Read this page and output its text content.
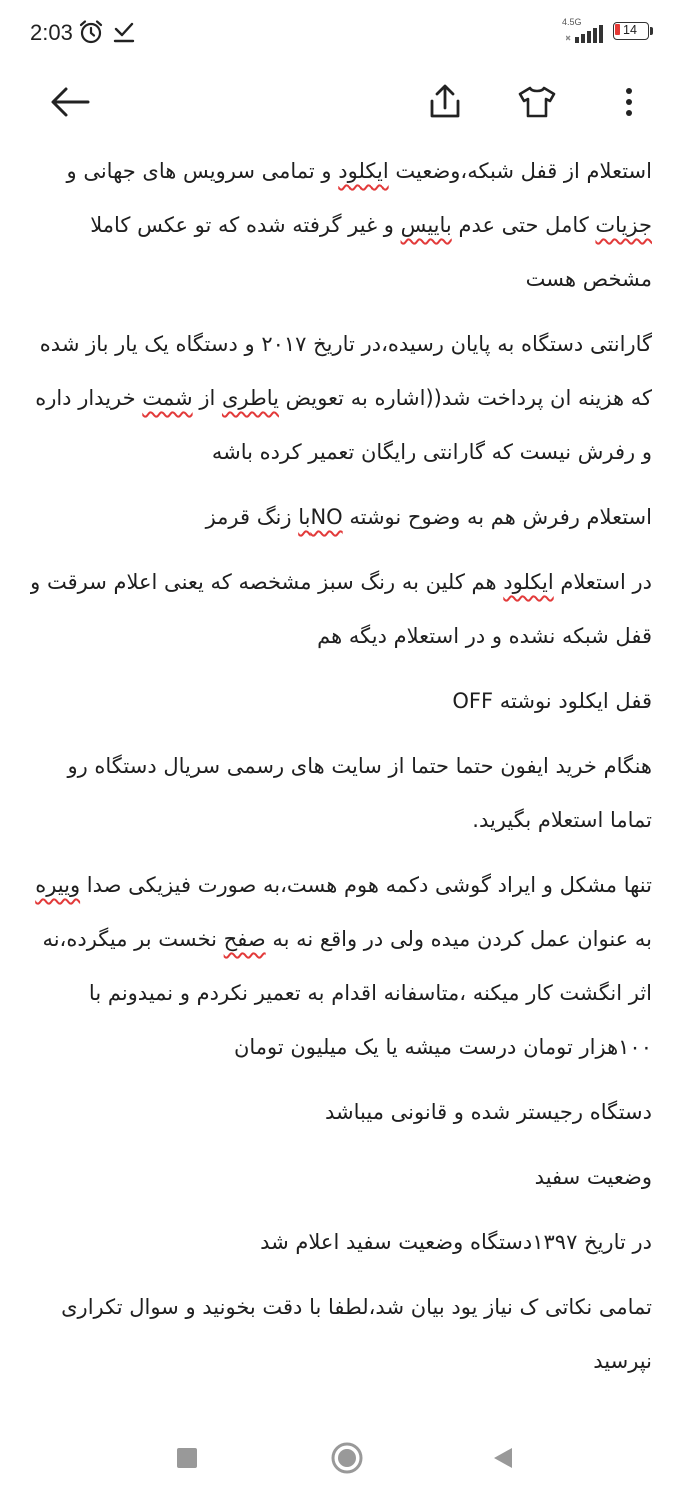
2:03	4.5G
14

استعلام از قفل شبکه،وضعیت ایکلود و تمامی سرویس های جهانی و جزیات کامل حتی عدم باییس و غیر گرفته شده که تو عکس کاملا مشخص هست

گارانتی دستگاه به پایان رسیده،در تاریخ ۲۰۱۷ و دستگاه یک یار باز شده که هزینه ان پرداخت شد((اشاره به تعویض یاطری از شمت خریدار داره و رفرش نیست که گارانتی رایگان تعمیر کرده باشه

استعلام رفرش هم به وضوح نوشته NOبا زنگ قرمز

در استعلام ایکلود هم کلین به رنگ سبز مشخصه که یعنی اعلام سرقت و قفل شبکه نشده و در استعلام دیگه هم

قفل ایکلود نوشته OFF

هنگام خرید ایفون حتما حتما از سایت های رسمی سریال دستگاه رو تماما استعلام بگیرید.

تنها مشکل و ایراد گوشی دکمه هوم هست،به صورت فیزیکی صدا وییره به عنوان عمل کردن میده ولی در واقع نه به صفح نخست بر میگرده،نه اثر انگشت کار میکنه ،متاسفانه اقدام به تعمیر نکردم و نمیدونم با ۱۰۰هزار تومان درست میشه یا یک میلیون تومان

دستگاه رجیستر شده و قانونی میباشد

وضعیت سفید

در تاریخ ۱۳۹۷دستگاه وضعیت سفید اعلام شد

تمامی نکاتی ک نیاز یود بیان شد،لطفا با دقت بخونید و سوال تکراری نپرسید
